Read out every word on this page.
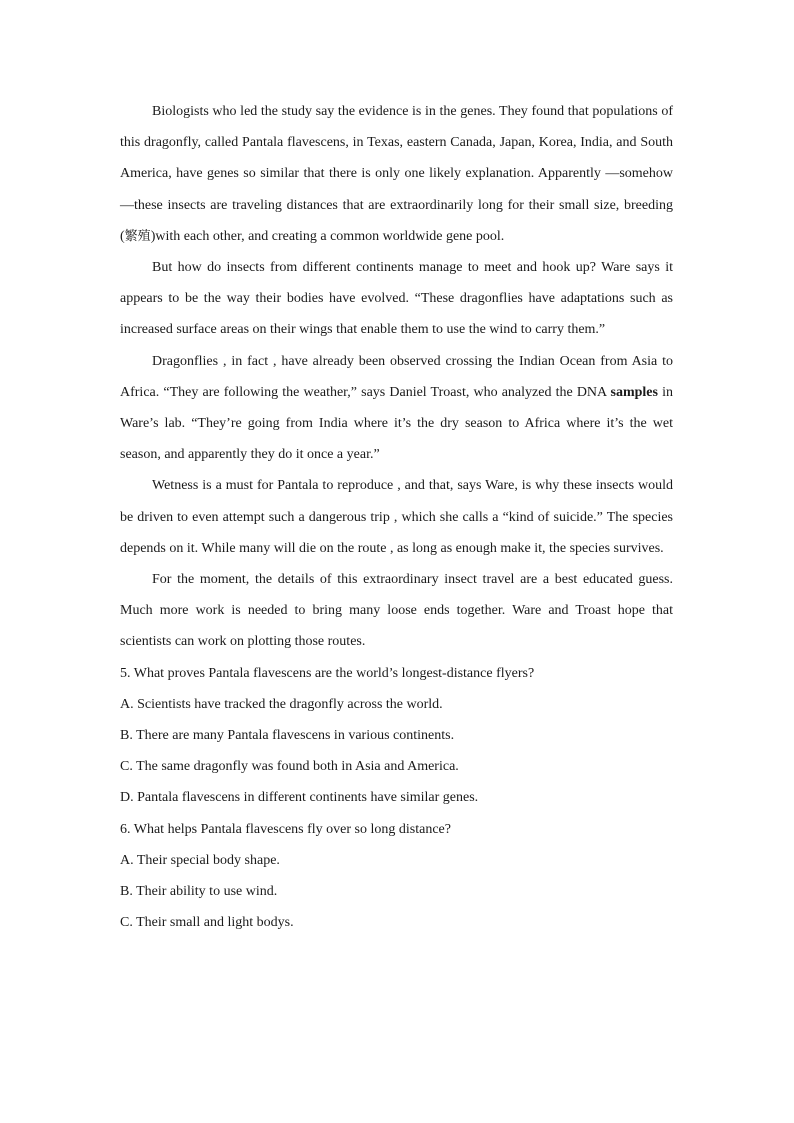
Biologists who led the study say the evidence is in the genes. They found that populations of this dragonfly, called Pantala flavescens, in Texas, eastern Canada, Japan, Korea, India, and South America, have genes so similar that there is only one likely explanation. Apparently —somehow —these insects are traveling distances that are extraordinarily long for their small size, breeding (繁殖)with each other, and creating a common worldwide gene pool.

But how do insects from different continents manage to meet and hook up? Ware says it appears to be the way their bodies have evolved. “These dragonflies have adaptations such as increased surface areas on their wings that enable them to use the wind to carry them.”

Dragonflies , in fact , have already been observed crossing the Indian Ocean from Asia to Africa. “They are following the weather,” says Daniel Troast, who analyzed the DNA samples in Ware’s lab. “They’re going from India where it’s the dry season to Africa where it’s the wet season, and apparently they do it once a year.”

Wetness is a must for Pantala to reproduce , and that, says Ware, is why these insects would be driven to even attempt such a dangerous trip , which she calls a “kind of suicide.” The species depends on it. While many will die on the route , as long as enough make it, the species survives.

For the moment, the details of this extraordinary insect travel are a best educated guess. Much more work is needed to bring many loose ends together. Ware and Troast hope that scientists can work on plotting those routes.

5. What proves Pantala flavescens are the world’s longest-distance flyers?

A. Scientists have tracked the dragonfly across the world.

B. There are many Pantala flavescens in various continents.

C. The same dragonfly was found both in Asia and America.

D. Pantala flavescens in different continents have similar genes.

6. What helps Pantala flavescens fly over so long distance?

A. Their special body shape.

B. Their ability to use wind.

C. Their small and light bodys.
